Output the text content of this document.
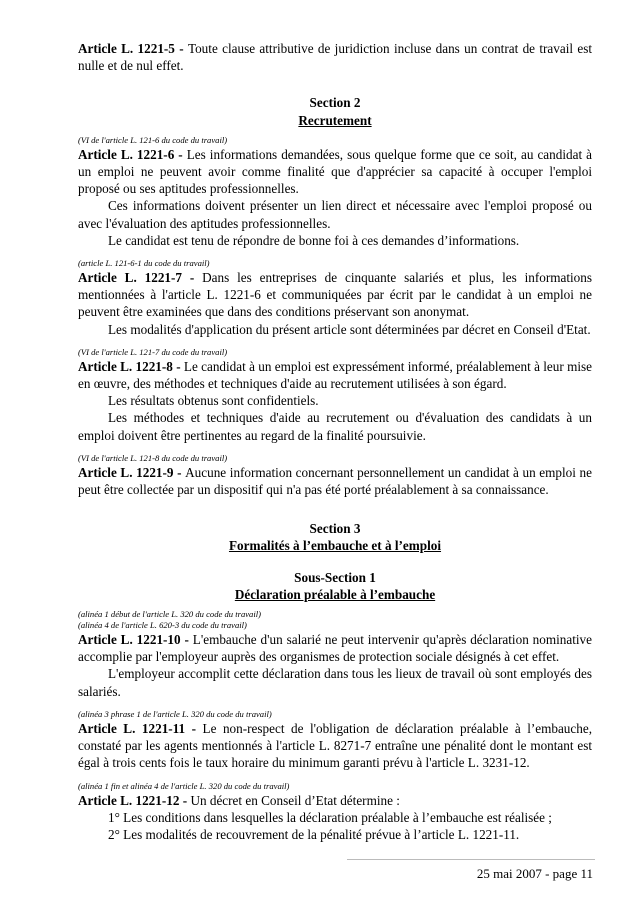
Article L. 1221-5 - Toute clause attributive de juridiction incluse dans un contrat de travail est nulle et de nul effet.

Section 2
Recrutement

(VI de l'article L. 121-6 du code du travail)

Article L. 1221-6 - Les informations demandées, sous quelque forme que ce soit, au candidat à un emploi ne peuvent avoir comme finalité que d'apprécier sa capacité à occuper l'emploi proposé ou ses aptitudes professionnelles.

Ces informations doivent présenter un lien direct et nécessaire avec l'emploi proposé ou avec l'évaluation des aptitudes professionnelles.

Le candidat est tenu de répondre de bonne foi à ces demandes d’informations.

(article L. 121-6-1 du code du travail)

Article L. 1221-7 - Dans les entreprises de cinquante salariés et plus, les informations mentionnées à l'article L. 1221-6 et communiquées par écrit par le candidat à un emploi ne peuvent être examinées que dans des conditions préservant son anonymat.

Les modalités d'application du présent article sont déterminées par décret en Conseil d'Etat.

(VI de l'article L. 121-7 du code du travail)

Article L. 1221-8 - Le candidat à un emploi est expressément informé, préalablement à leur mise en œuvre, des méthodes et techniques d'aide au recrutement utilisées à son égard.

Les résultats obtenus sont confidentiels.

Les méthodes et techniques d'aide au recrutement ou d'évaluation des candidats à un emploi doivent être pertinentes au regard de la finalité poursuivie.

(VI de l'article L. 121-8 du code du travail)

Article L. 1221-9 - Aucune information concernant personnellement un candidat à un emploi ne peut être collectée par un dispositif qui n'a pas été porté préalablement à sa connaissance.

Section 3
Formalités à l’embauche et à l’emploi
Sous-Section 1
Déclaration préalable à l’embauche

(alinéa 1 début de l'article L. 320 du code du travail)

(alinéa 4 de l'article L. 620-3 du code du travail)

Article L. 1221-10 - L'embauche d'un salarié ne peut intervenir qu'après déclaration nominative accomplie par l'employeur auprès des organismes de protection sociale désignés à cet effet.

L'employeur accomplit cette déclaration dans tous les lieux de travail où sont employés des salariés.

(alinéa 3 phrase 1 de l'article L. 320 du code du travail)

Article L. 1221-11 - Le non-respect de l'obligation de déclaration préalable à l’embauche, constaté par les agents mentionnés à l'article L. 8271-7 entraîne une pénalité dont le montant est égal à trois cents fois le taux horaire du minimum garanti prévu à l'article L. 3231-12.

(alinéa 1 fin et alinéa 4 de l'article L. 320 du code du travail)

Article L. 1221-12 - Un décret en Conseil d’Etat détermine :

1° Les conditions dans lesquelles la déclaration préalable à l’embauche est réalisée ;

2° Les modalités de recouvrement de la pénalité prévue à l’article L. 1221-11.

25 mai 2007 - page 11
